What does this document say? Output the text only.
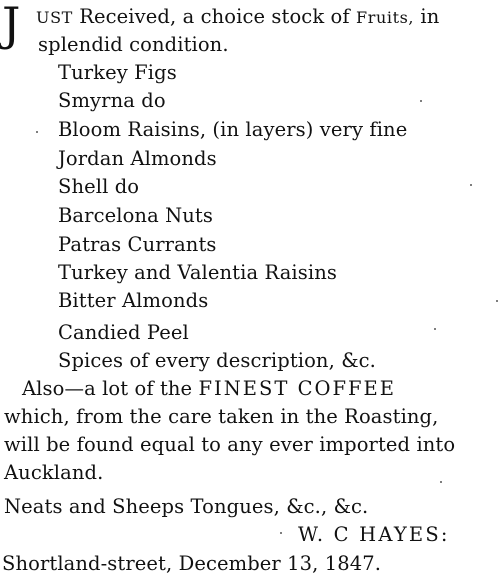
J UST Received, a choice stock of Fruits, in
splendid condition.
Turkey Figs
Smyrna do
Bloom Raisins, (in layers) very fine
Jordan Almonds
Shell do
Barcelona Nuts
Patras Currants
Turkey and Valentia Raisins
Bitter Almonds
Candied Peel
Spices of every description, &c.
Also—a lot of the FINEST COFFEE
which, from the care taken in the Roasting,
will be found equal to any ever imported into
Auckland.
Neats and Sheeps Tongues, &c., &c.
W. C HAYES:
Shortland-street, December 13, 1847.
